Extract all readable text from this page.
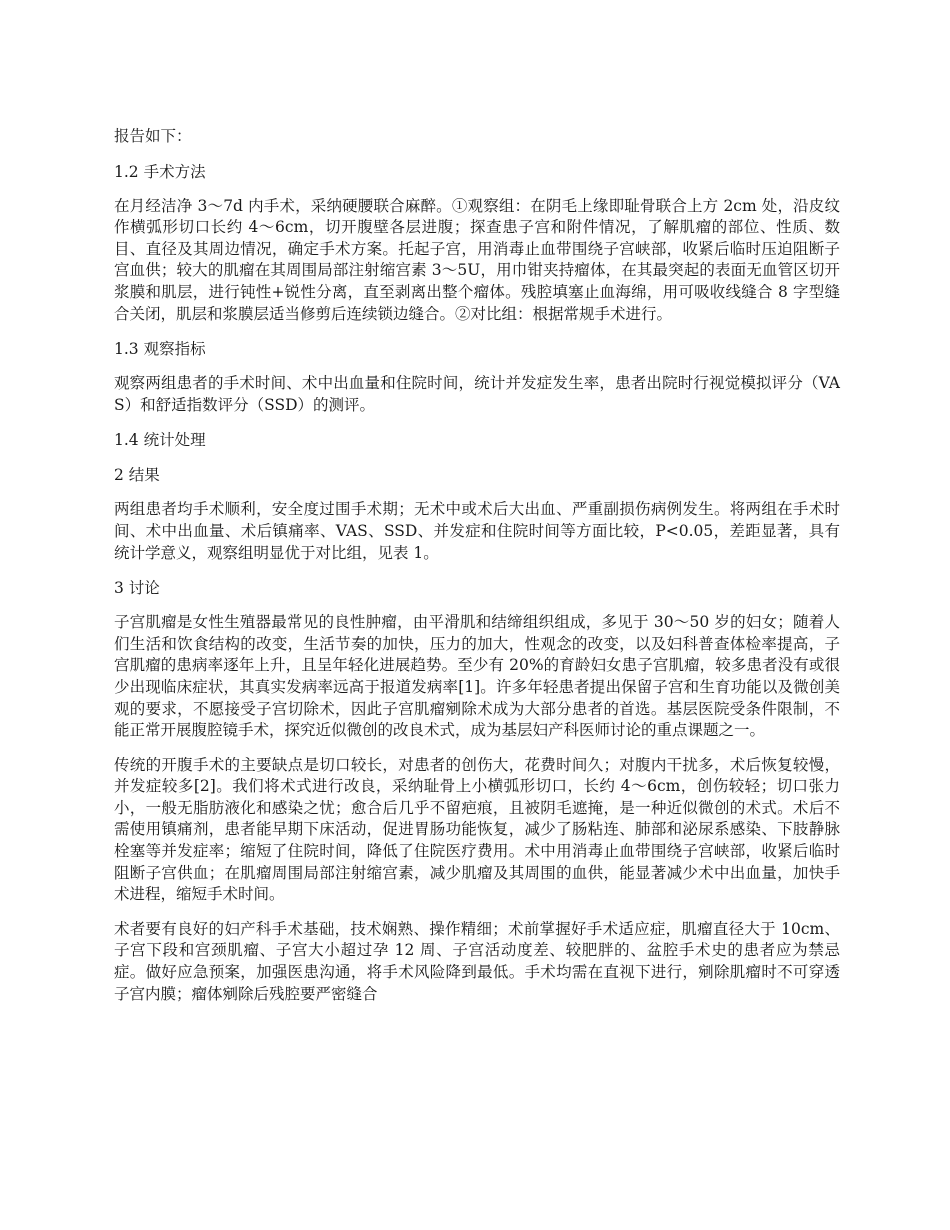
报告如下：

1.2 手术方法

在月经洁净 3～7d 内手术，采纳硬腰联合麻醉。①观察组：在阴毛上缘即耻骨联合上方 2cm 处，沿皮纹作横弧形切口长约 4～6cm，切开腹壁各层进腹；探查患子宫和附件情况，了解肌瘤的部位、性质、数目、直径及其周边情况，确定手术方案。托起子宫，用消毒止血带围绕子宫峡部，收紧后临时压迫阻断子宫血供；较大的肌瘤在其周围局部注射缩宫素 3～5U，用巾钳夹持瘤体，在其最突起的表面无血管区切开浆膜和肌层，进行钝性+锐性分离，直至剥离出整个瘤体。残腔填塞止血海绵，用可吸收线缝合 8 字型缝合关闭，肌层和浆膜层适当修剪后连续锁边缝合。②对比组：根据常规手术进行。

1.3 观察指标

观察两组患者的手术时间、术中出血量和住院时间，统计并发症发生率，患者出院时行视觉模拟评分（VAS）和舒适指数评分（SSD）的测评。

1.4 统计处理

2 结果

两组患者均手术顺利，安全度过围手术期；无术中或术后大出血、严重副损伤病例发生。将两组在手术时间、术中出血量、术后镇痛率、VAS、SSD、并发症和住院时间等方面比较，P<0.05，差距显著，具有统计学意义，观察组明显优于对比组，见表 1。

3 讨论

子宫肌瘤是女性生殖器最常见的良性肿瘤，由平滑肌和结缔组织组成，多见于 30～50 岁的妇女；随着人们生活和饮食结构的改变，生活节奏的加快，压力的加大，性观念的改变，以及妇科普查体检率提高，子宫肌瘤的患病率逐年上升，且呈年轻化进展趋势。至少有 20%的育龄妇女患子宫肌瘤，较多患者没有或很少出现临床症状，其真实发病率远高于报道发病率[1]。许多年轻患者提出保留子宫和生育功能以及微创美观的要求，不愿接受子宫切除术，因此子宫肌瘤剜除术成为大部分患者的首选。基层医院受条件限制，不能正常开展腹腔镜手术，探究近似微创的改良术式，成为基层妇产科医师讨论的重点课题之一。

传统的开腹手术的主要缺点是切口较长，对患者的创伤大，花费时间久；对腹内干扰多，术后恢复较慢，并发症较多[2]。我们将术式进行改良，采纳耻骨上小横弧形切口，长约 4～6cm，创伤较轻；切口张力小，一般无脂肪液化和感染之忧；愈合后几乎不留疤痕，且被阴毛遮掩，是一种近似微创的术式。术后不需使用镇痛剂，患者能早期下床活动，促进胃肠功能恢复，减少了肠粘连、肺部和泌尿系感染、下肢静脉栓塞等并发症率；缩短了住院时间，降低了住院医疗费用。术中用消毒止血带围绕子宫峡部，收紧后临时阻断子宫供血；在肌瘤周围局部注射缩宫素，减少肌瘤及其周围的血供，能显著减少术中出血量，加快手术进程，缩短手术时间。

术者要有良好的妇产科手术基础，技术娴熟、操作精细；术前掌握好手术适应症，肌瘤直径大于 10cm、子宫下段和宫颈肌瘤、子宫大小超过孕 12 周、子宫活动度差、较肥胖的、盆腔手术史的患者应为禁忌症。做好应急预案，加强医患沟通，将手术风险降到最低。手术均需在直视下进行，剜除肌瘤时不可穿透子宫内膜；瘤体剜除后残腔要严密缝合
